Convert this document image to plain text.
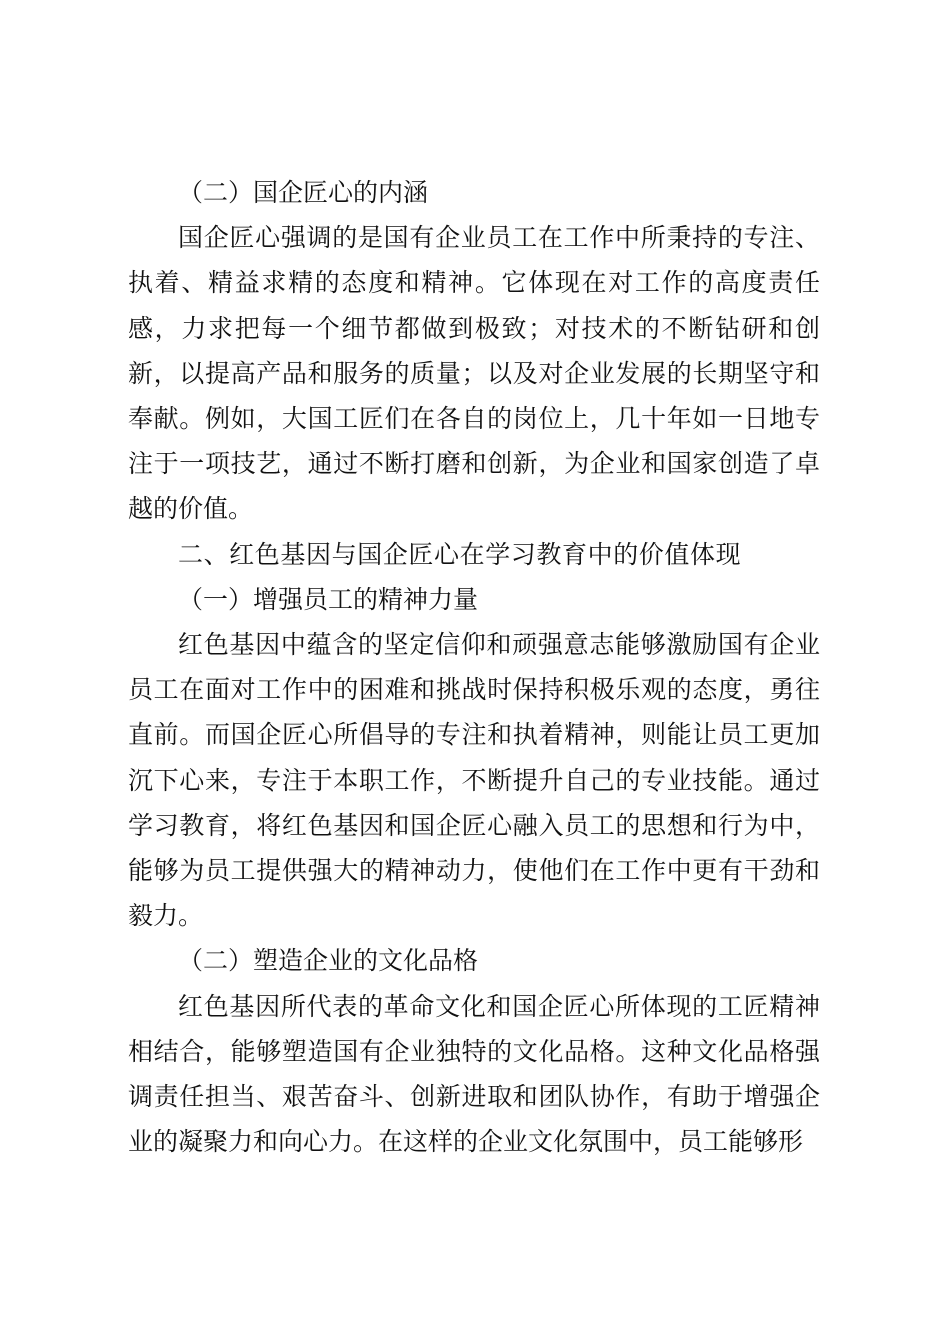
（二）国企匠心的内涵

国企匠心强调的是国有企业员工在工作中所秉持的专注、执着、精益求精的态度和精神。它体现在对工作的高度责任感，力求把每一个细节都做到极致；对技术的不断钻研和创新，以提高产品和服务的质量；以及对企业发展的长期坚守和奉献。例如，大国工匠们在各自的岗位上，几十年如一日地专注于一项技艺，通过不断打磨和创新，为企业和国家创造了卓越的价值。

二、红色基因与国企匠心在学习教育中的价值体现

（一）增强员工的精神力量

红色基因中蕴含的坚定信仰和顽强意志能够激励国有企业员工在面对工作中的困难和挑战时保持积极乐观的态度，勇往直前。而国企匠心所倡导的专注和执着精神，则能让员工更加沉下心来，专注于本职工作，不断提升自己的专业技能。通过学习教育，将红色基因和国企匠心融入员工的思想和行为中，能够为员工提供强大的精神动力，使他们在工作中更有干劲和毅力。

（二）塑造企业的文化品格

红色基因所代表的革命文化和国企匠心所体现的工匠精神相结合，能够塑造国有企业独特的文化品格。这种文化品格强调责任担当、艰苦奋斗、创新进取和团队协作，有助于增强企业的凝聚力和向心力。在这样的企业文化氛围中，员工能够形
